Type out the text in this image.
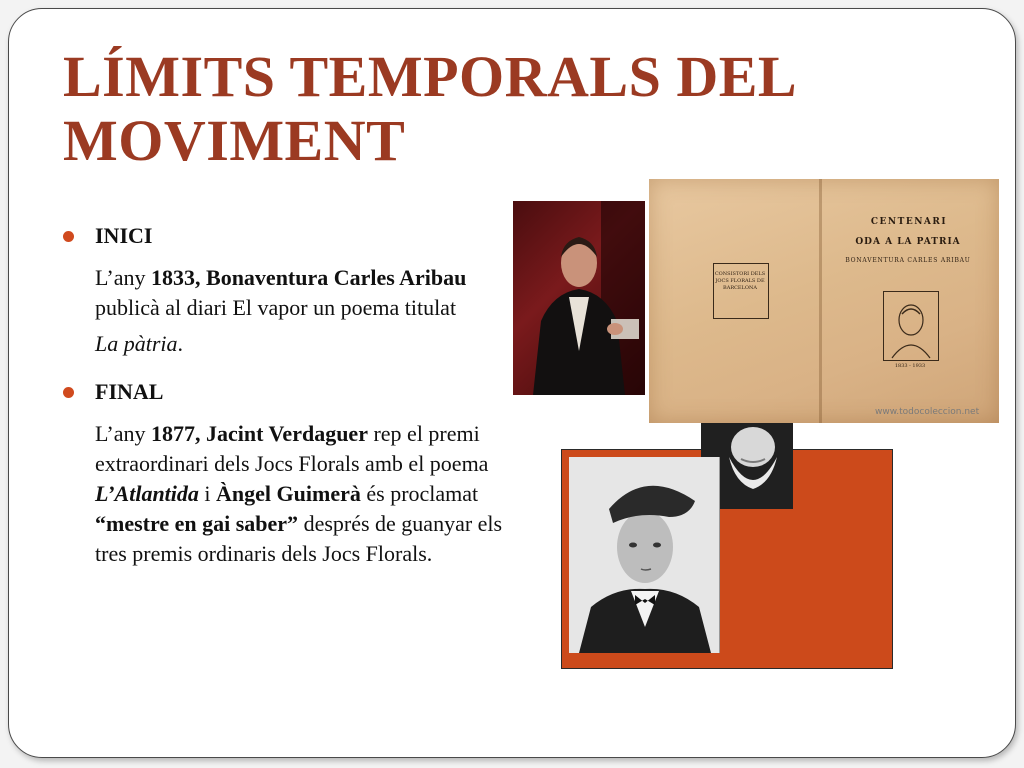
LÍMITS TEMPORALS DEL MOVIMENT
INICI
L’any 1833, Bonaventura Carles Aribau publicà al diari El vapor un poema titulat
La pàtria.
FINAL
L’any 1877, Jacint Verdaguer rep el premi extraordinari dels Jocs Florals amb el poema L’Atlantida i Àngel Guimerà és proclamat “mestre en gai saber” després de guanyar els tres premis ordinaris dels Jocs Florals.
CONSISTORI DELS JOCS FLORALS DE BARCELONA
CENTENARI
ODA A LA PATRIA
BONAVENTURA CARLES ARIBAU
1833 - 1933
www.todocoleccion.net
